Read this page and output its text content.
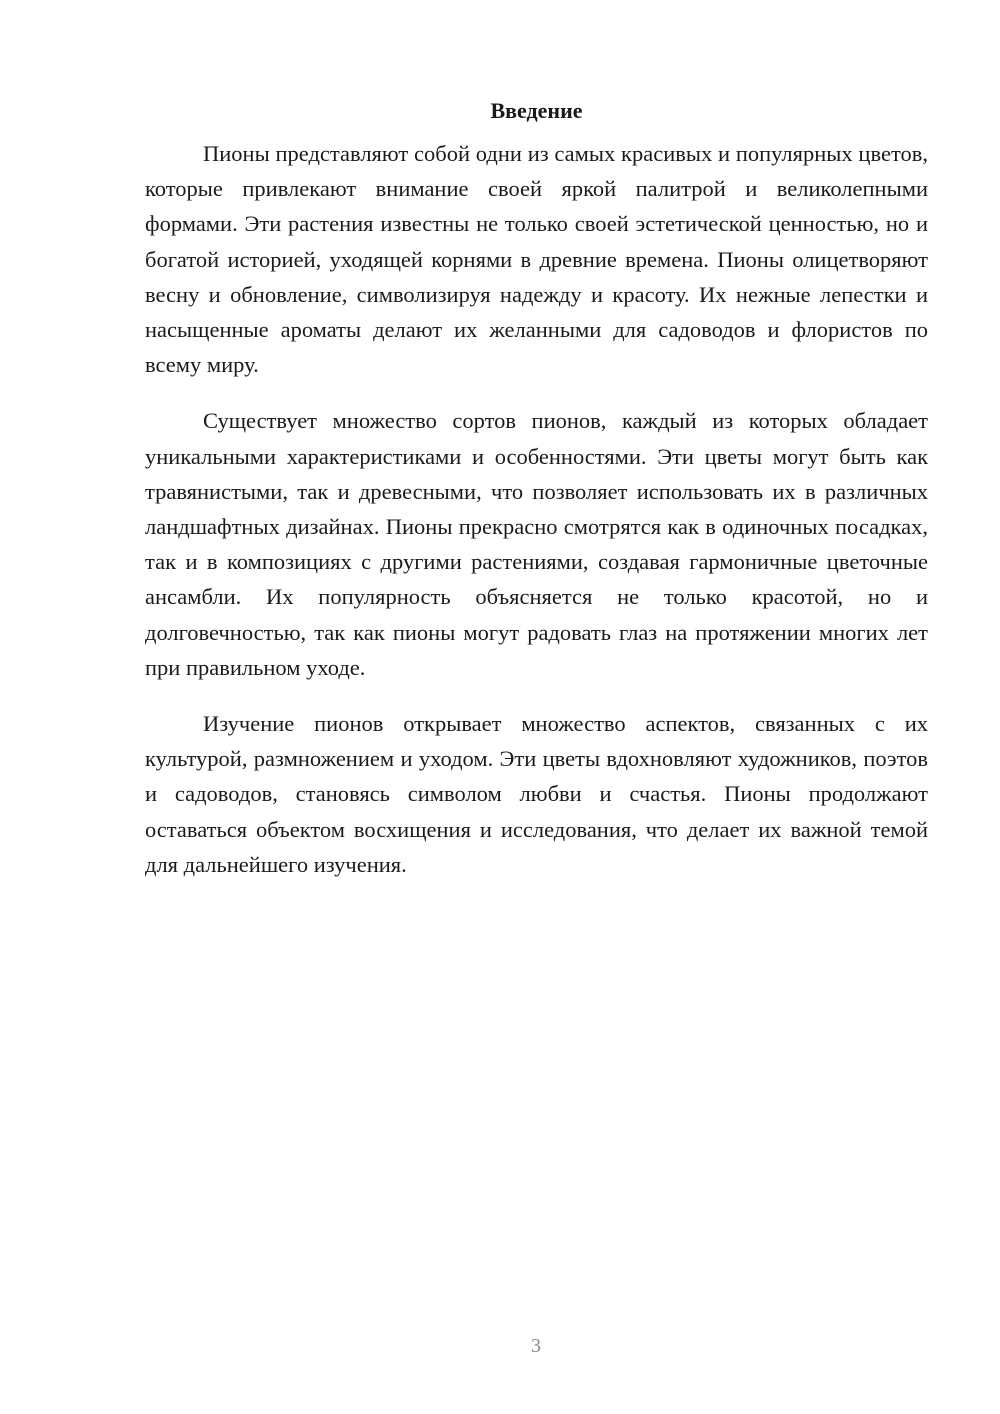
Введение

Пионы представляют собой одни из самых красивых и популярных цветов, которые привлекают внимание своей яркой палитрой и великолепными формами. Эти растения известны не только своей эстетической ценностью, но и богатой историей, уходящей корнями в древние времена. Пионы олицетворяют весну и обновление, символизируя надежду и красоту. Их нежные лепестки и насыщенные ароматы делают их желанными для садоводов и флористов по всему миру.

Существует множество сортов пионов, каждый из которых обладает уникальными характеристиками и особенностями. Эти цветы могут быть как травянистыми, так и древесными, что позволяет использовать их в различных ландшафтных дизайнах. Пионы прекрасно смотрятся как в одиночных посадках, так и в композициях с другими растениями, создавая гармоничные цветочные ансамбли. Их популярность объясняется не только красотой, но и долговечностью, так как пионы могут радовать глаз на протяжении многих лет при правильном уходе.

Изучение пионов открывает множество аспектов, связанных с их культурой, размножением и уходом. Эти цветы вдохновляют художников, поэтов и садоводов, становясь символом любви и счастья. Пионы продолжают оставаться объектом восхищения и исследования, что делает их важной темой для дальнейшего изучения.

3
